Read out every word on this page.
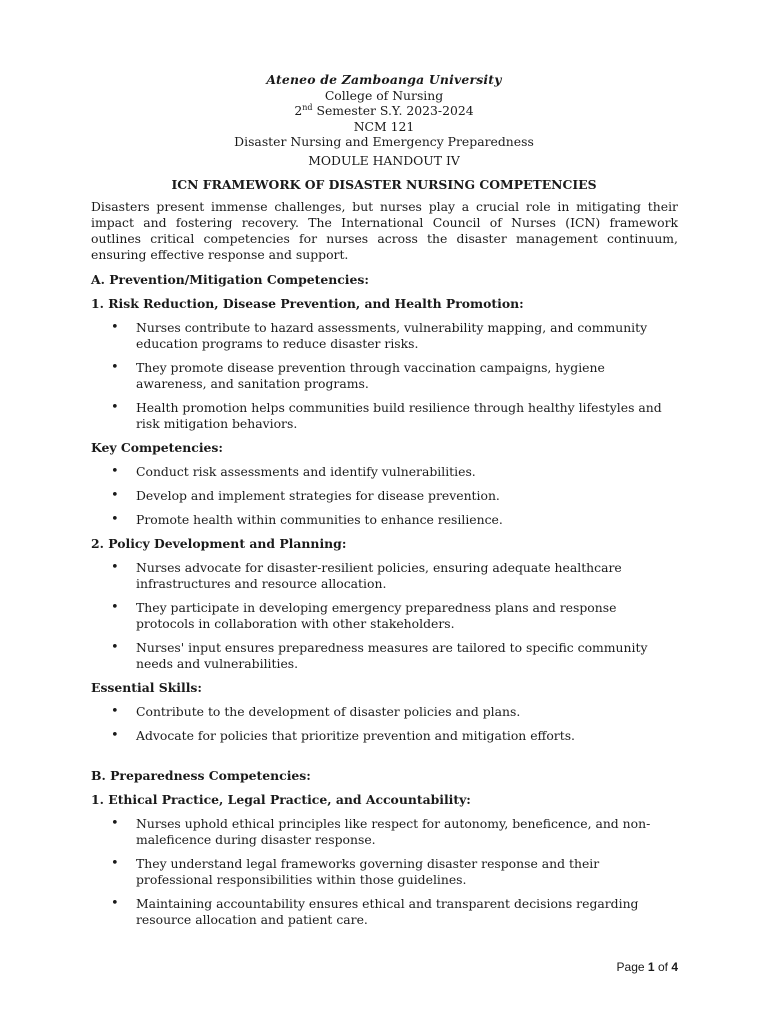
Ateneo de Zamboanga University
College of Nursing
2nd Semester S.Y. 2023-2024
NCM 121
Disaster Nursing and Emergency Preparedness
MODULE HANDOUT IV
ICN FRAMEWORK OF DISASTER NURSING COMPETENCIES

Disasters present immense challenges, but nurses play a crucial role in mitigating their impact and fostering recovery. The International Council of Nurses (ICN) framework outlines critical competencies for nurses across the disaster management continuum, ensuring effective response and support.

A. Prevention/Mitigation Competencies:
1. Risk Reduction, Disease Prevention, and Health Promotion:
• Nurses contribute to hazard assessments, vulnerability mapping, and community education programs to reduce disaster risks.
• They promote disease prevention through vaccination campaigns, hygiene awareness, and sanitation programs.
• Health promotion helps communities build resilience through healthy lifestyles and risk mitigation behaviors.
Key Competencies:
• Conduct risk assessments and identify vulnerabilities.
• Develop and implement strategies for disease prevention.
• Promote health within communities to enhance resilience.
2. Policy Development and Planning:
• Nurses advocate for disaster-resilient policies, ensuring adequate healthcare infrastructures and resource allocation.
• They participate in developing emergency preparedness plans and response protocols in collaboration with other stakeholders.
• Nurses' input ensures preparedness measures are tailored to specific community needs and vulnerabilities.
Essential Skills:
• Contribute to the development of disaster policies and plans.
• Advocate for policies that prioritize prevention and mitigation efforts.
B. Preparedness Competencies:
1. Ethical Practice, Legal Practice, and Accountability:
• Nurses uphold ethical principles like respect for autonomy, beneficence, and non-maleficence during disaster response.
• They understand legal frameworks governing disaster response and their professional responsibilities within those guidelines.
• Maintaining accountability ensures ethical and transparent decisions regarding resource allocation and patient care.
Page 1 of 4
